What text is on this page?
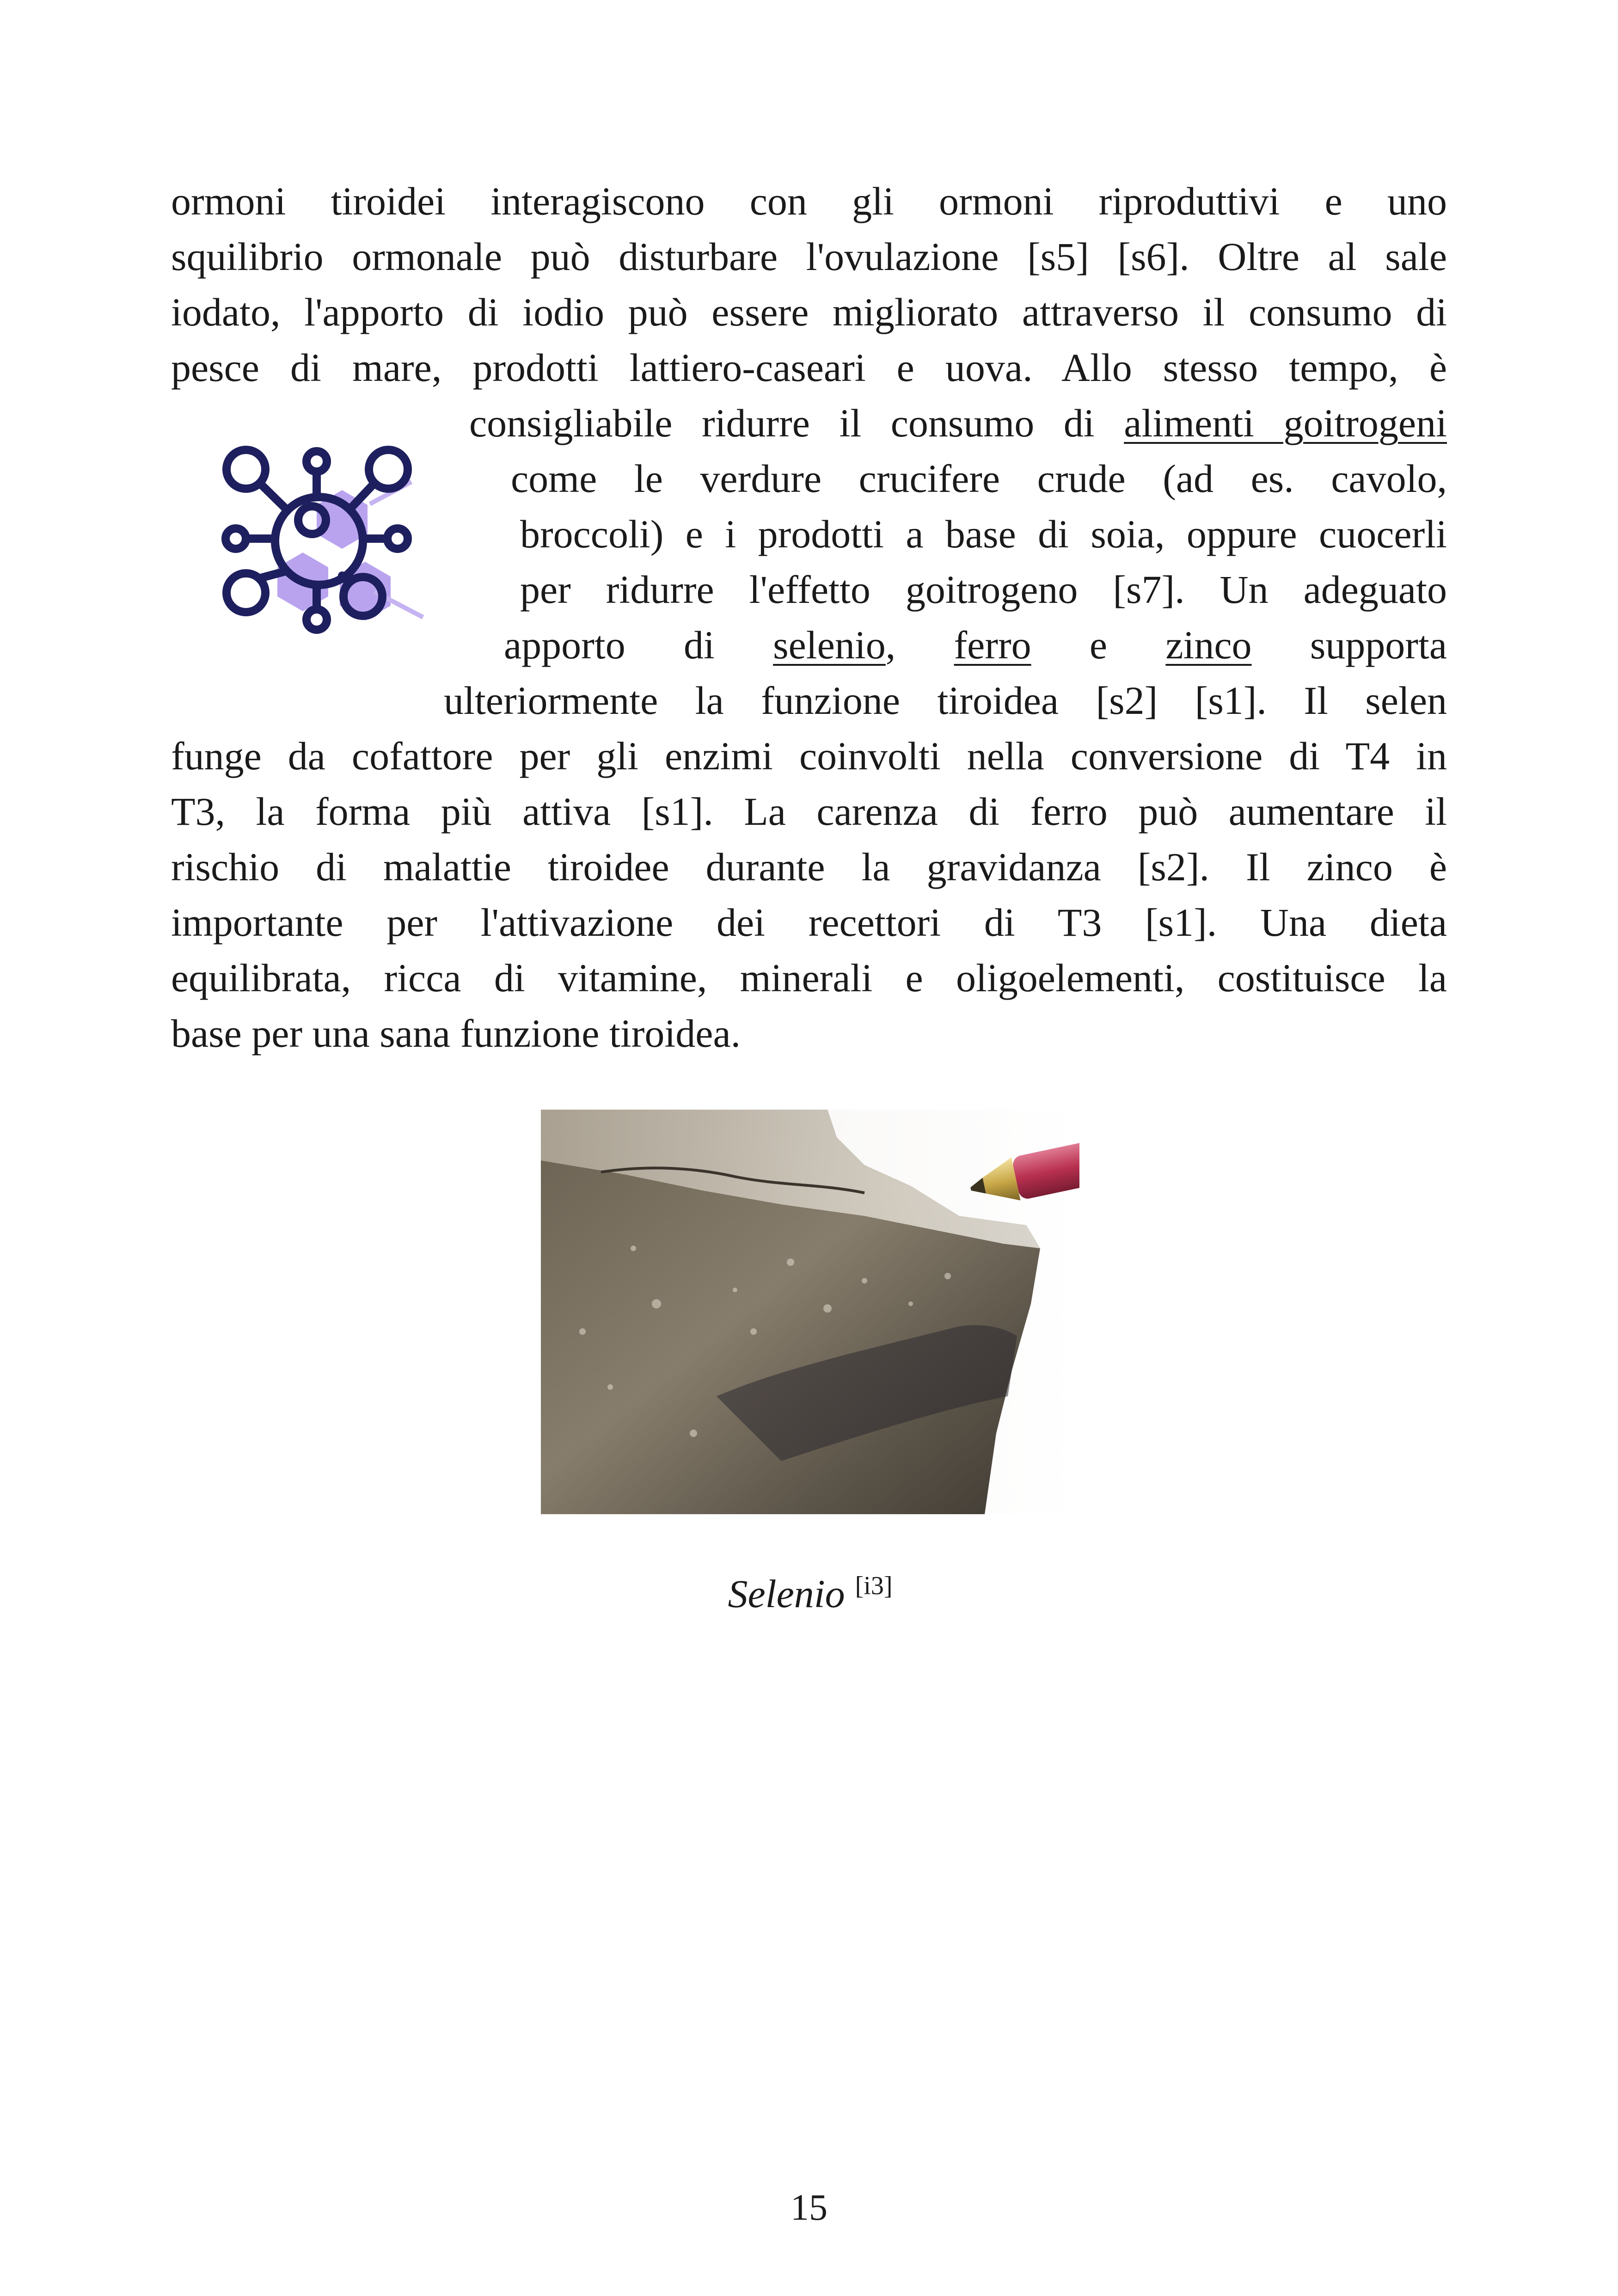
ormoni tiroidei interagiscono con gli ormoni riproduttivi e uno
squilibrio ormonale può disturbare l'ovulazione [s5] [s6]. Oltre al sale
iodato, l'apporto di iodio può essere migliorato attraverso il consumo di
pesce di mare, prodotti lattiero-caseari e uova. Allo stesso tempo, è
consigliabile ridurre il consumo di alimenti goitrogeni
come le verdure crucifere crude (ad es. cavolo,
broccoli) e i prodotti a base di soia, oppure cuocerli
per ridurre l'effetto goitrogeno [s7]. Un adeguato
apporto di selenio, ferro e zinco supporta
ulteriormente la funzione tiroidea [s2] [s1]. Il selen
funge da cofattore per gli enzimi coinvolti nella conversione di T4 in
T3, la forma più attiva [s1]. La carenza di ferro può aumentare il
rischio di malattie tiroidee durante la gravidanza [s2]. Il zinco è
importante per l'attivazione dei recettori di T3 [s1]. Una dieta
equilibrata, ricca di vitamine, minerali e oligoelementi, costituisce la
base per una sana funzione tiroidea.
Selenio [i3]
15
